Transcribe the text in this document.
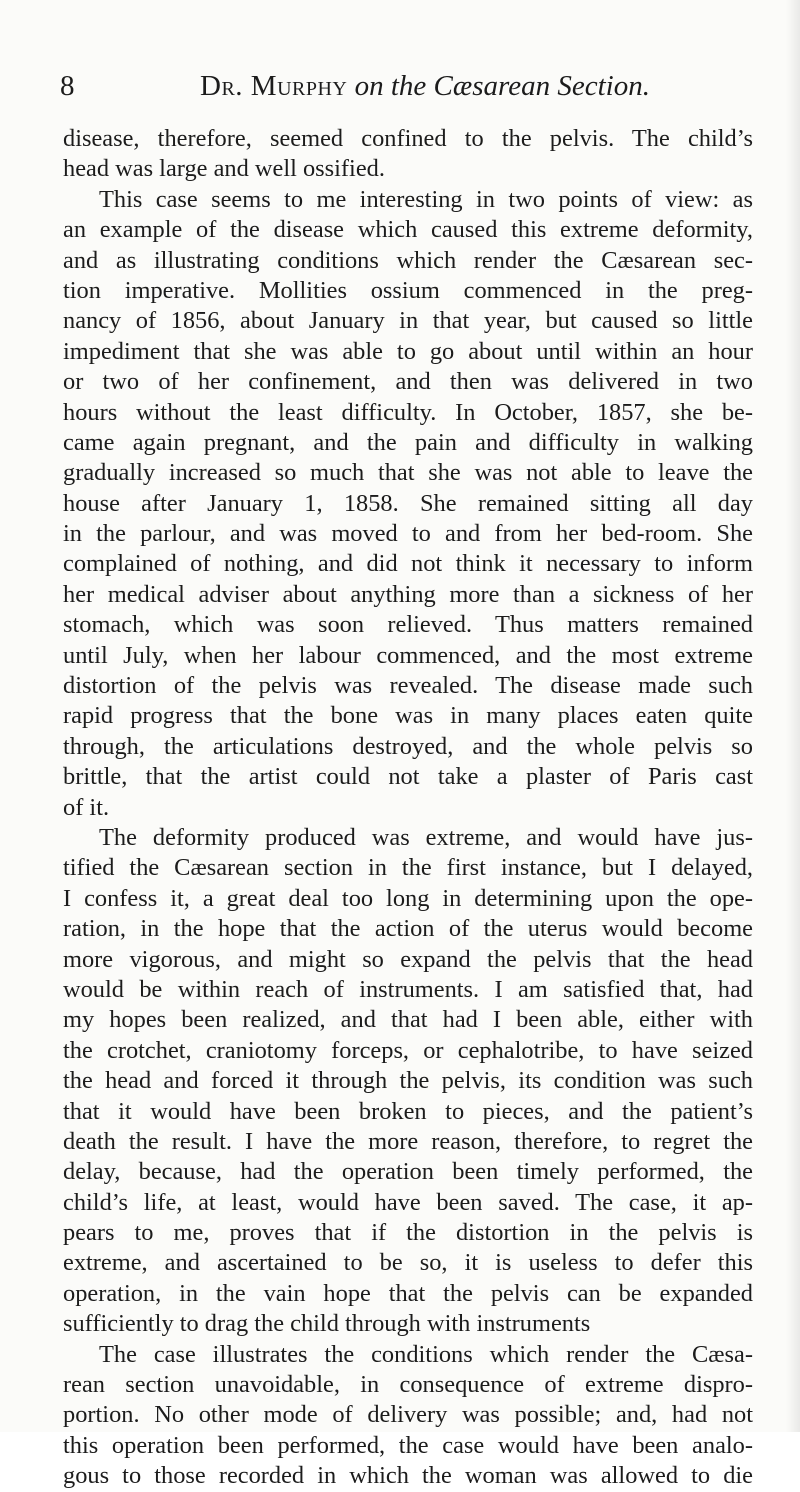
8	Dr. Murphy on the Cæsarean Section.
disease, therefore, seemed confined to the pelvis. The child’s
head was large and well ossified.
This case seems to me interesting in two points of view: as
an example of the disease which caused this extreme deformity,
and as illustrating conditions which render the Cæsarean sec-
tion imperative. Mollities ossium commenced in the preg-
nancy of 1856, about January in that year, but caused so little
impediment that she was able to go about until within an hour
or two of her confinement, and then was delivered in two
hours without the least difficulty. In October, 1857, she be-
came again pregnant, and the pain and difficulty in walking
gradually increased so much that she was not able to leave the
house after January 1, 1858. She remained sitting all day
in the parlour, and was moved to and from her bed-room. She
complained of nothing, and did not think it necessary to inform
her medical adviser about anything more than a sickness of her
stomach, which was soon relieved. Thus matters remained
until July, when her labour commenced, and the most extreme
distortion of the pelvis was revealed. The disease made such
rapid progress that the bone was in many places eaten quite
through, the articulations destroyed, and the whole pelvis so
brittle, that the artist could not take a plaster of Paris cast
of it.
The deformity produced was extreme, and would have jus-
tified the Cæsarean section in the first instance, but I delayed,
I confess it, a great deal too long in determining upon the ope-
ration, in the hope that the action of the uterus would become
more vigorous, and might so expand the pelvis that the head
would be within reach of instruments. I am satisfied that, had
my hopes been realized, and that had I been able, either with
the crotchet, craniotomy forceps, or cephalotribe, to have seized
the head and forced it through the pelvis, its condition was such
that it would have been broken to pieces, and the patient’s
death the result. I have the more reason, therefore, to regret the
delay, because, had the operation been timely performed, the
child’s life, at least, would have been saved. The case, it ap-
pears to me, proves that if the distortion in the pelvis is
extreme, and ascertained to be so, it is useless to defer this
operation, in the vain hope that the pelvis can be expanded
sufficiently to drag the child through with instruments
The case illustrates the conditions which render the Cæsa-
rean section unavoidable, in consequence of extreme dispro-
portion. No other mode of delivery was possible; and, had not
this operation been performed, the case would have been analo-
gous to those recorded in which the woman was allowed to die
